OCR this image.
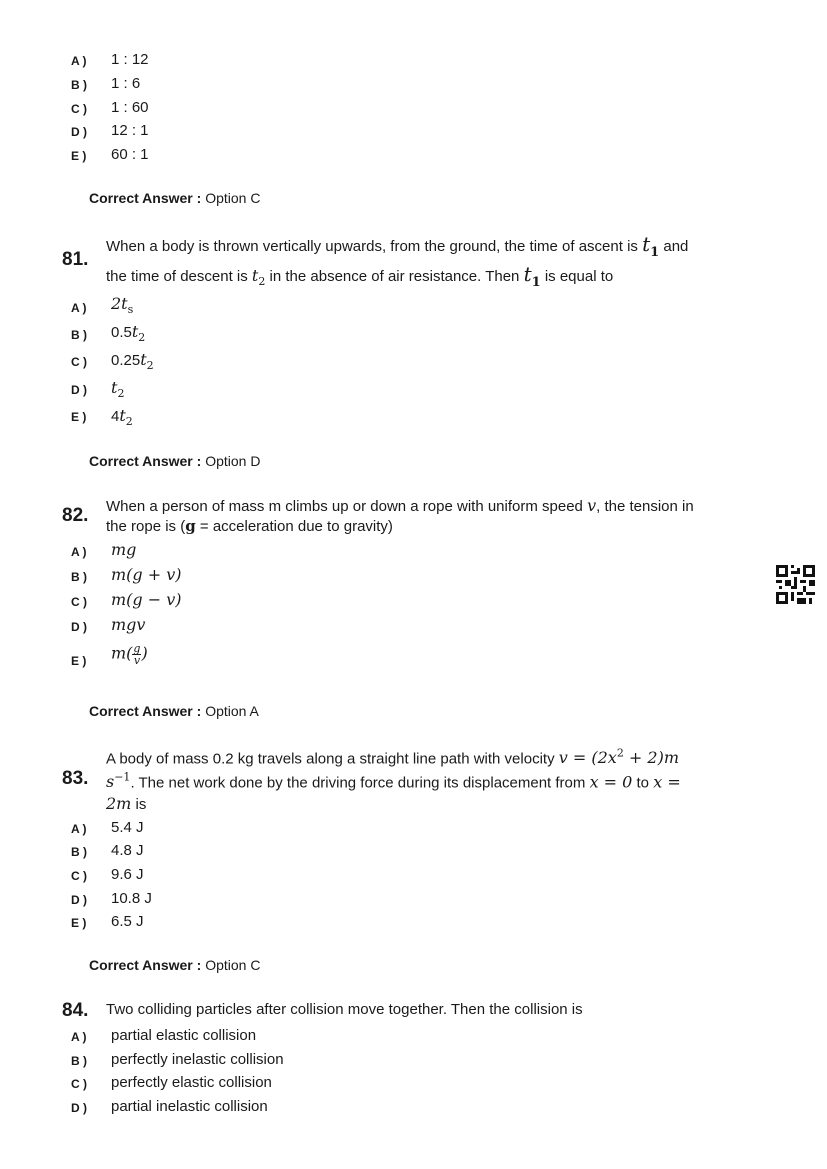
A ) 1 : 12
B ) 1 : 6
C ) 1 : 60
D ) 12 : 1
E ) 60 : 1
Correct Answer : Option C
81.
When a body is thrown vertically upwards, from the ground, the time of ascent is $t_1$ and
the time of descent is $t_2$ in the absence of air resistance. Then $t_1$ is equal to
A ) $2t_s$
B ) $0.5t_2$
C ) $0.25t_2$
D ) $t_2$
E ) $4t_2$
Correct Answer : Option D
82. When a person of mass m climbs up or down a rope with uniform speed v, the tension in
the rope is (g = acceleration due to gravity)
A ) mg
B ) m(g + v)
C ) m(g − v)
D ) mgv
E ) $m( \frac{g}{v}$ )
Correct Answer : Option A
83.
A body of mass 0.2 kg travels along a straight line path with velocity $v = (2x^2 + 2)m$
$s^{-1}$. The net work done by the driving force during its displacement from x = 0 to x =
2m is
A ) 5.4 J
B ) 4.8 J
C ) 9.6 J
D ) 10.8 J
E ) 6.5 J
Correct Answer : Option C
84. Two colliding particles after collision move together. Then the collision is
A ) partial elastic collision
B ) perfectly inelastic collision
C ) perfectly elastic collision
D ) partial inelastic collision
